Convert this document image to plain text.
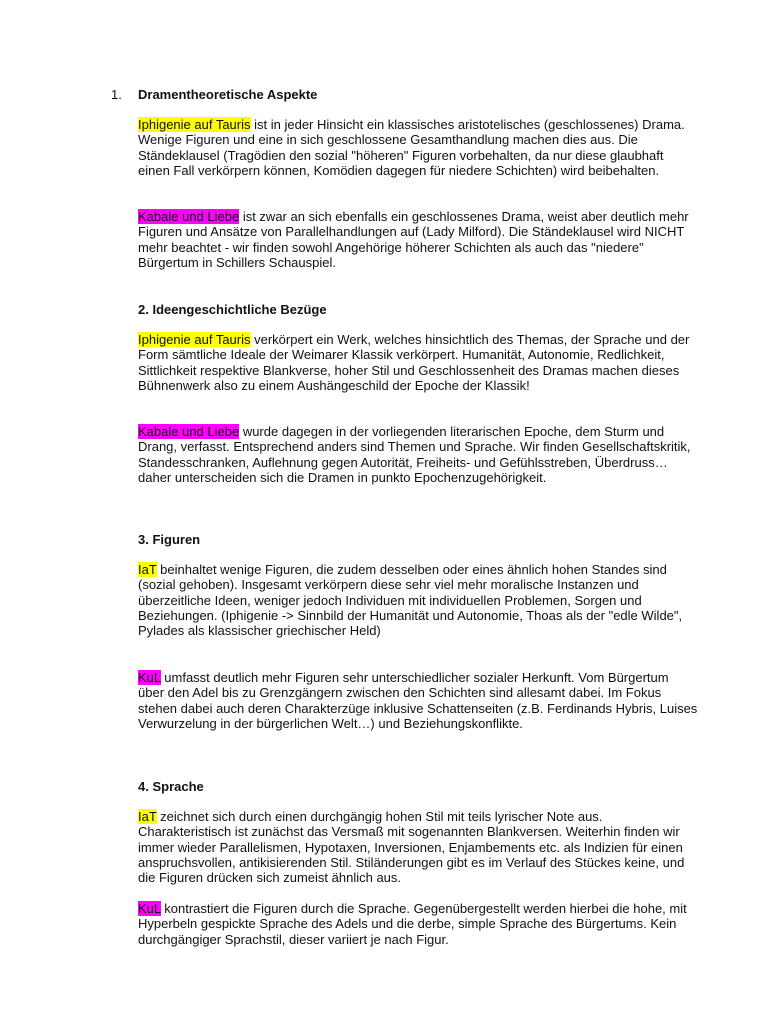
1. Dramentheoretische Aspekte

Iphigenie auf Tauris ist in jeder Hinsicht ein klassisches aristotelisches (geschlossenes) Drama. Wenige Figuren und eine in sich geschlossene Gesamthandlung machen dies aus. Die Ständeklausel (Tragödien den sozial "höheren" Figuren vorbehalten, da nur diese glaubhaft einen Fall verkörpern können, Komödien dagegen für niedere Schichten) wird beibehalten.

Kabale und Liebe ist zwar an sich ebenfalls ein geschlossenes Drama, weist aber deutlich mehr Figuren und Ansätze von Parallelhandlungen auf (Lady Milford). Die Ständeklausel wird NICHT mehr beachtet - wir finden sowohl Angehörige höherer Schichten als auch das "niedere" Bürgertum in Schillers Schauspiel.

2. Ideengeschichtliche Bezüge

Iphigenie auf Tauris verkörpert ein Werk, welches hinsichtlich des Themas, der Sprache und der Form sämtliche Ideale der Weimarer Klassik verkörpert. Humanität, Autonomie, Redlichkeit, Sittlichkeit respektive Blankverse, hoher Stil und Geschlossenheit des Dramas machen dieses Bühnenwerk also zu einem Aushängeschild der Epoche der Klassik!

Kabale und Liebe wurde dagegen in der vorliegenden literarischen Epoche, dem Sturm und Drang, verfasst. Entsprechend anders sind Themen und Sprache. Wir finden Gesellschaftskritik, Standesschranken, Auflehnung gegen Autorität, Freiheits- und Gefühlsstreben, Überdruss… daher unterscheiden sich die Dramen in punkto Epochenzugehörigkeit.

3. Figuren

IaT beinhaltet wenige Figuren, die zudem desselben oder eines ähnlich hohen Standes sind (sozial gehoben). Insgesamt verkörpern diese sehr viel mehr moralische Instanzen und überzeitliche Ideen, weniger jedoch Individuen mit individuellen Problemen, Sorgen und Beziehungen. (Iphigenie -> Sinnbild der Humanität und Autonomie, Thoas als der "edle Wilde", Pylades als klassischer griechischer Held)

KuL umfasst deutlich mehr Figuren sehr unterschiedlicher sozialer Herkunft. Vom Bürgertum über den Adel bis zu Grenzgängern zwischen den Schichten sind allesamt dabei. Im Fokus stehen dabei auch deren Charakterzüge inklusive Schattenseiten (z.B. Ferdinands Hybris, Luises Verwurzelung in der bürgerlichen Welt…) und Beziehungskonflikte.

4. Sprache

IaT zeichnet sich durch einen durchgängig hohen Stil mit teils lyrischer Note aus. Charakteristisch ist zunächst das Versmaß mit sogenannten Blankversen. Weiterhin finden wir immer wieder Parallelismen, Hypotaxen, Inversionen, Enjambements etc. als Indizien für einen anspruchsvollen, antikisierenden Stil. Stiländerungen gibt es im Verlauf des Stückes keine, und die Figuren drücken sich zumeist ähnlich aus.

KuL kontrastiert die Figuren durch die Sprache. Gegenübergestellt werden hierbei die hohe, mit Hyperbeln gespickte Sprache des Adels und die derbe, simple Sprache des Bürgertums. Kein durchgängiger Sprachstil, dieser variiert je nach Figur.
